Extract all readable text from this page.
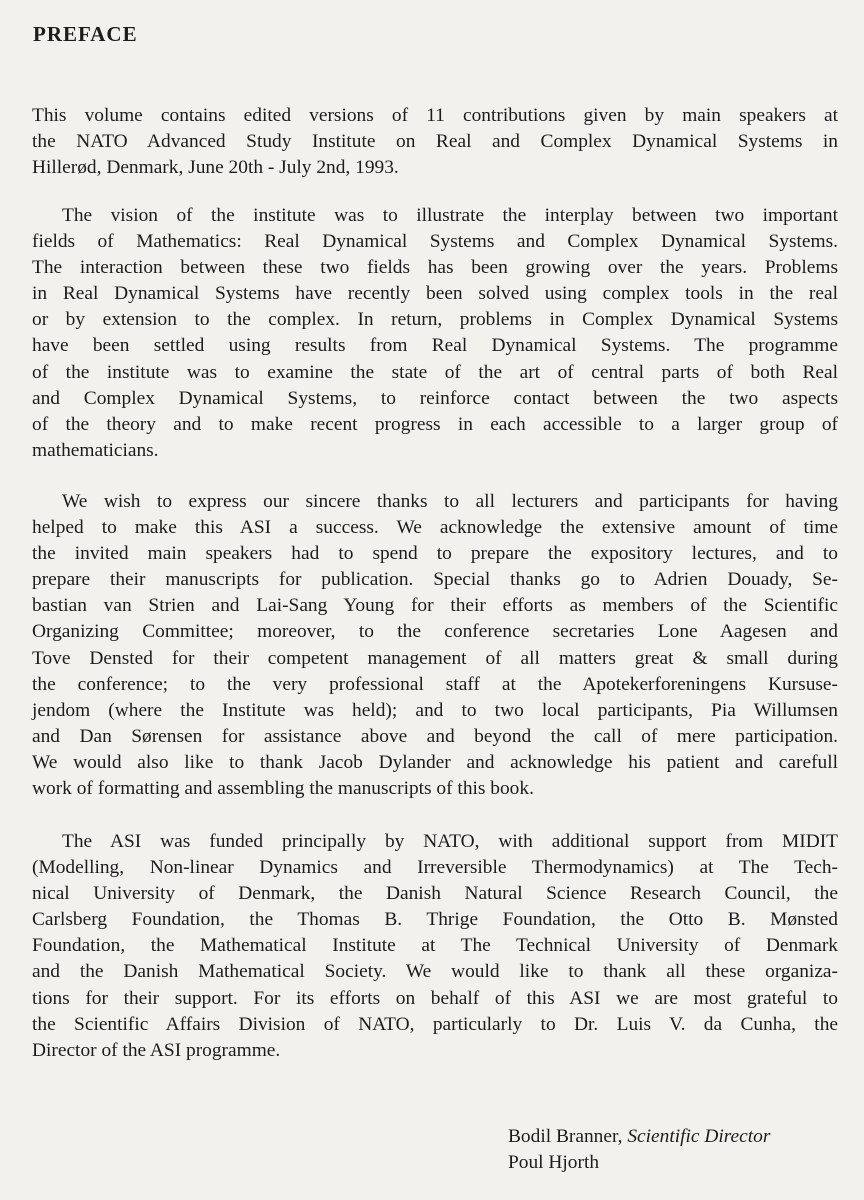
PREFACE
This volume contains edited versions of 11 contributions given by main speakers at
the NATO Advanced Study Institute on Real and Complex Dynamical Systems in
Hillerød, Denmark, June 20th - July 2nd, 1993.
The vision of the institute was to illustrate the interplay between two important
fields of Mathematics: Real Dynamical Systems and Complex Dynamical Systems.
The interaction between these two fields has been growing over the years. Problems
in Real Dynamical Systems have recently been solved using complex tools in the real
or by extension to the complex. In return, problems in Complex Dynamical Systems
have been settled using results from Real Dynamical Systems. The programme
of the institute was to examine the state of the art of central parts of both Real
and Complex Dynamical Systems, to reinforce contact between the two aspects
of the theory and to make recent progress in each accessible to a larger group of
mathematicians.
We wish to express our sincere thanks to all lecturers and participants for having
helped to make this ASI a success. We acknowledge the extensive amount of time
the invited main speakers had to spend to prepare the expository lectures, and to
prepare their manuscripts for publication. Special thanks go to Adrien Douady, Se-
bastian van Strien and Lai-Sang Young for their efforts as members of the Scientific
Organizing Committee; moreover, to the conference secretaries Lone Aagesen and
Tove Densted for their competent management of all matters great & small during
the conference; to the very professional staff at the Apotekerforeningens Kursuse-
jendom (where the Institute was held); and to two local participants, Pia Willumsen
and Dan Sørensen for assistance above and beyond the call of mere participation.
We would also like to thank Jacob Dylander and acknowledge his patient and carefull
work of formatting and assembling the manuscripts of this book.
The ASI was funded principally by NATO, with additional support from MIDIT
(Modelling, Non-linear Dynamics and Irreversible Thermodynamics) at The Tech-
nical University of Denmark, the Danish Natural Science Research Council, the
Carlsberg Foundation, the Thomas B. Thrige Foundation, the Otto B. Mønsted
Foundation, the Mathematical Institute at The Technical University of Denmark
and the Danish Mathematical Society. We would like to thank all these organiza-
tions for their support. For its efforts on behalf of this ASI we are most grateful to
the Scientific Affairs Division of NATO, particularly to Dr. Luis V. da Cunha, the
Director of the ASI programme.
Bodil Branner, Scientific Director
Poul Hjorth
